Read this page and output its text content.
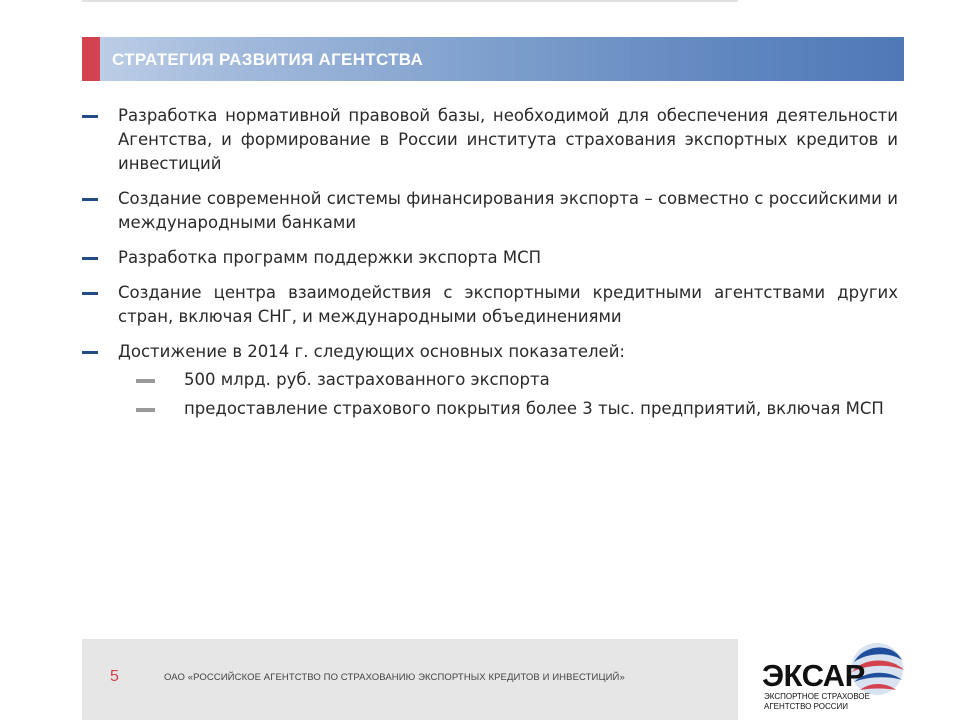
СТРАТЕГИЯ РАЗВИТИЯ АГЕНТСТВА
Разработка нормативной правовой базы, необходимой для обеспечения деятельности Агентства, и формирование в России института страхования экспортных кредитов и инвестиций
Создание современной системы финансирования экспорта – совместно с российскими и международными банками
Разработка программ поддержки экспорта МСП
Создание центра взаимодействия с экспортными кредитными агентствами других стран, включая СНГ, и международными объединениями
Достижение в 2014 г. следующих основных показателей:
500 млрд. руб. застрахованного экспорта
предоставление страхового покрытия более 3 тыс. предприятий, включая МСП
5	ОАО «РОССИЙСКОЕ АГЕНТСТВО ПО СТРАХОВАНИЮ ЭКСПОРТНЫХ КРЕДИТОВ И ИНВЕСТИЦИЙ»	ЭКСАР
ЭКСПОРТНОЕ СТРАХОВОЕ
АГЕНТСТВО РОССИИ
